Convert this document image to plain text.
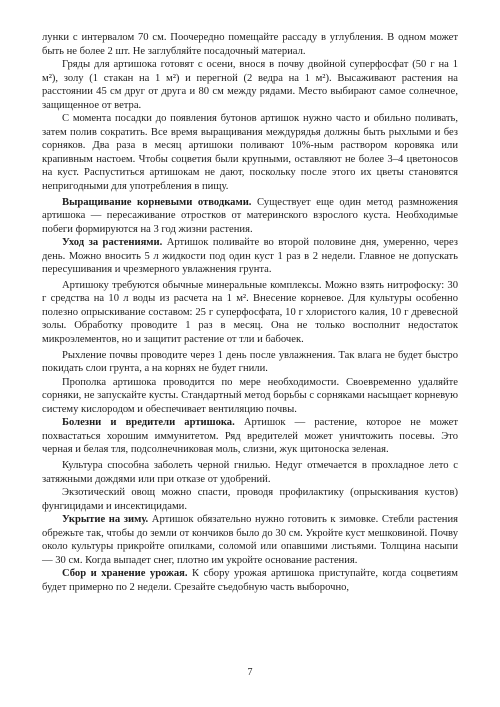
лунки с интервалом 70 см. Поочередно помещайте рассаду в углубления. В одном может быть не более 2 шт. Не заглубляйте посадочный материал.

Гряды для артишока готовят с осени, внося в почву двойной суперфосфат (50 г на 1 м²), золу (1 стакан на 1 м²) и перегной (2 ведра на 1 м²). Высаживают растения на расстоянии 45 см друг от друга и 80 см между рядами. Место выбирают самое солнечное, защищенное от ветра.

С момента посадки до появления бутонов артишок нужно часто и обильно поливать, затем полив сократить. Все время выращивания междурядья должны быть рыхлыми и без сорняков. Два раза в месяц артишоки поливают 10%-ным раствором коровяка или крапивным настоем. Чтобы соцветия были крупными, оставляют не более 3–4 цветоносов на куст. Распуститься артишокам не дают, поскольку после этого их цветы становятся непригодными для употребления в пищу.

Выращивание корневыми отводками. Существует еще один метод размножения артишока — пересаживание отростков от материнского взрослого куста. Необходимые побеги формируются на 3 год жизни растения.

Уход за растениями. Артишок поливайте во второй половине дня, умеренно, через день. Можно вносить 5 л жидкости под один куст 1 раз в 2 недели. Главное не допускать пересушивания и чрезмерного увлажнения грунта.

Артишоку требуются обычные минеральные комплексы. Можно взять нитрофоску: 30 г средства на 10 л воды из расчета на 1 м². Внесение корневое. Для культуры особенно полезно опрыскивание составом: 25 г суперфосфата, 10 г хлористого калия, 10 г древесной золы. Обработку проводите 1 раз в месяц. Она не только восполнит недостаток микроэлементов, но и защитит растение от тли и бабочек.

Рыхление почвы проводите через 1 день после увлажнения. Так влага не будет быстро покидать слои грунта, а на корнях не будет гнили.

Прополка артишока проводится по мере необходимости. Своевременно удаляйте сорняки, не запускайте кусты. Стандартный метод борьбы с сорняками насыщает корневую систему кислородом и обеспечивает вентиляцию почвы.

Болезни и вредители артишока. Артишок — растение, которое не может похвастаться хорошим иммунитетом. Ряд вредителей может уничтожить посевы. Это черная и белая тля, подсолнечниковая моль, слизни, жук щитоноска зеленая.

Культура способна заболеть черной гнилью. Недуг отмечается в прохладное лето с затяжными дождями или при отказе от удобрений.

Экзотический овощ можно спасти, проводя профилактику (опрыскивания кустов) фунгицидами и инсектицидами.

Укрытие на зиму. Артишок обязательно нужно готовить к зимовке. Стебли растения обрежьте так, чтобы до земли от кончиков было до 30 см. Укройте куст мешковиной. Почву около культуры прикройте опилками, соломой или опавшими листьями. Толщина насыпи — 30 см. Когда выпадет снег, плотно им укройте основание растения.

Сбор и хранение урожая. К сбору урожая артишока приступайте, когда соцветиям будет примерно по 2 недели. Срезайте съедобную часть выборочно,

7
